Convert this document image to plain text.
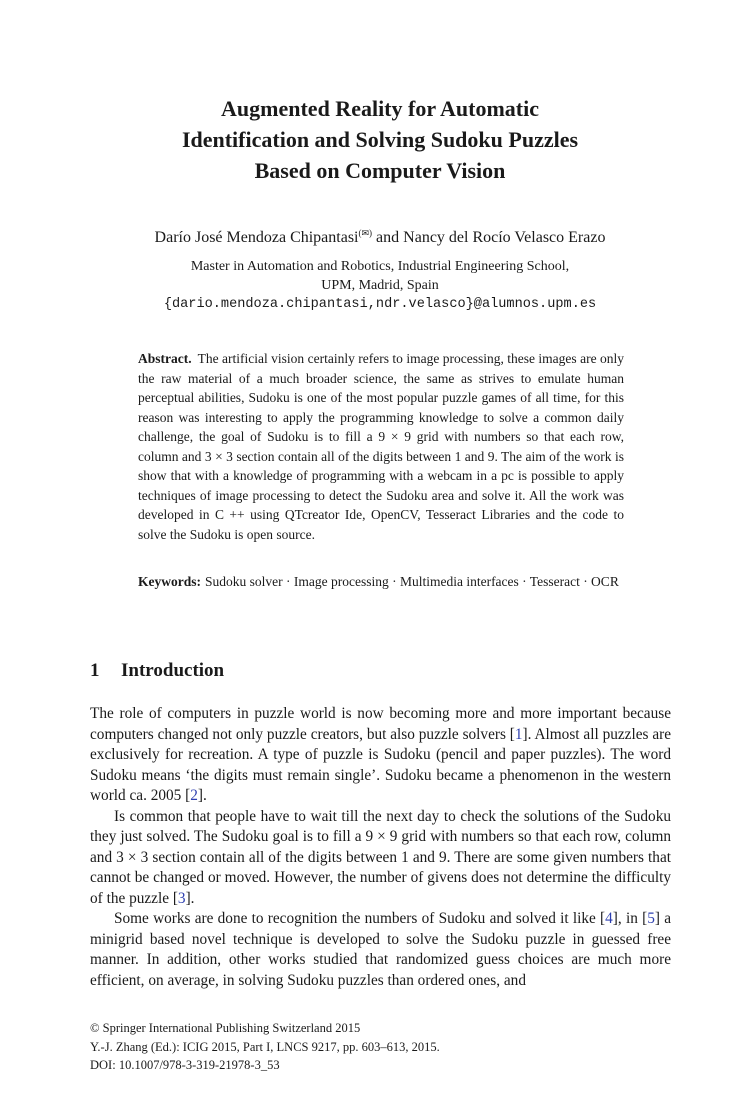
Augmented Reality for Automatic
Identification and Solving Sudoku Puzzles
Based on Computer Vision
Darío José Mendoza Chipantasi(✉) and Nancy del Rocío Velasco Erazo
Master in Automation and Robotics, Industrial Engineering School,
UPM, Madrid, Spain
{dario.mendoza.chipantasi,ndr.velasco}@alumnos.upm.es
Abstract. The artificial vision certainly refers to image processing, these images are only the raw material of a much broader science, the same as strives to emulate human perceptual abilities, Sudoku is one of the most popular puzzle games of all time, for this reason was interesting to apply the programming knowledge to solve a common daily challenge, the goal of Sudoku is to fill a 9 × 9 grid with numbers so that each row, column and 3 × 3 section contain all of the digits between 1 and 9. The aim of the work is show that with a knowledge of programming with a webcam in a pc is possible to apply techniques of image processing to detect the Sudoku area and solve it. All the work was developed in C ++ using QTcreator Ide, OpenCV, Tesseract Libraries and the code to solve the Sudoku is open source.
Keywords: Sudoku solver · Image processing · Multimedia interfaces · Tesseract · OCR
1 Introduction

The role of computers in puzzle world is now becoming more and more important because computers changed not only puzzle creators, but also puzzle solvers [1]. Almost all puzzles are exclusively for recreation. A type of puzzle is Sudoku (pencil and paper puzzles). The word Sudoku means ‘the digits must remain single’. Sudoku became a phenomenon in the western world ca. 2005 [2].

Is common that people have to wait till the next day to check the solutions of the Sudoku they just solved. The Sudoku goal is to fill a 9 × 9 grid with numbers so that each row, column and 3 × 3 section contain all of the digits between 1 and 9. There are some given numbers that cannot be changed or moved. However, the number of givens does not determine the difficulty of the puzzle [3].

Some works are done to recognition the numbers of Sudoku and solved it like [4], in [5] a minigrid based novel technique is developed to solve the Sudoku puzzle in guessed free manner. In addition, other works studied that randomized guess choices are much more efficient, on average, in solving Sudoku puzzles than ordered ones, and

© Springer International Publishing Switzerland 2015
Y.-J. Zhang (Ed.): ICIG 2015, Part I, LNCS 9217, pp. 603–613, 2015.
DOI: 10.1007/978-3-319-21978-3_53
